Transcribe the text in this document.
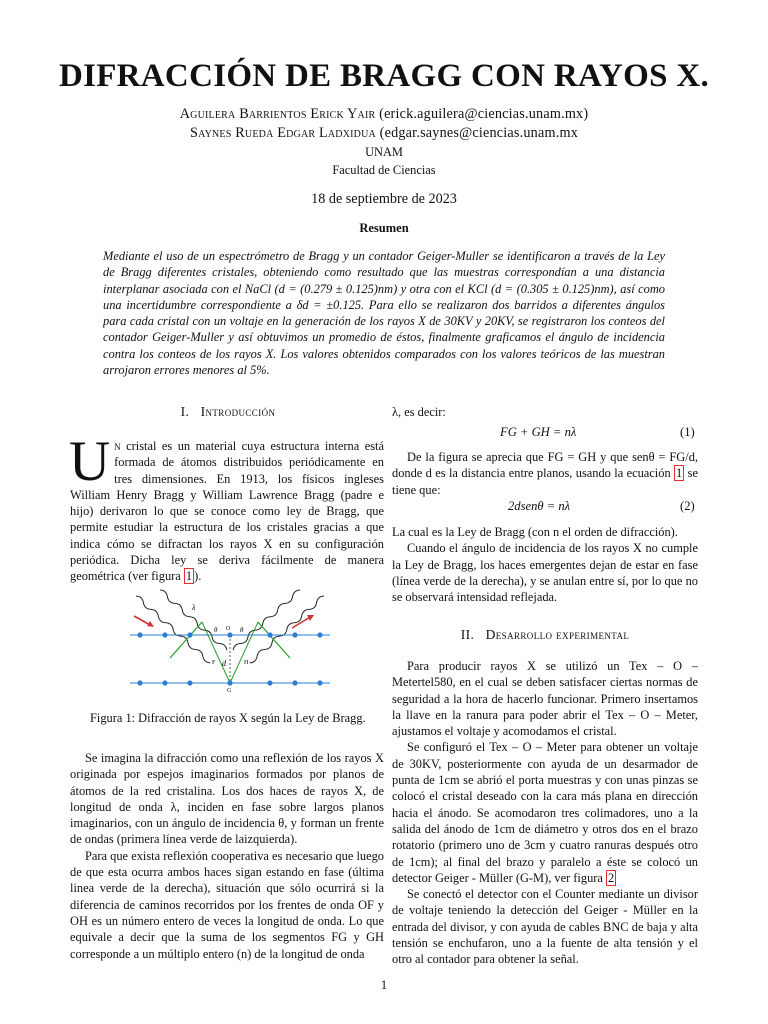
DIFRACCIÓN DE BRAGG CON RAYOS X.
Aguilera Barrientos Erick Yair (erick.aguilera@ciencias.unam.mx)
Saynes Rueda Edgar Ladxidua (edgar.saynes@ciencias.unam.mx
UNAM
Facultad de Ciencias
18 de septiembre de 2023
Resumen
Mediante el uso de un espectrómetro de Bragg y un contador Geiger-Muller se identificaron a través de la Ley de Bragg diferentes cristales, obteniendo como resultado que las muestras correspondían a una distancia interplanar asociada con el NaCl (d = (0.279 ± 0.125)nm) y otra con el KCl (d = (0.305 ± 0.125)nm), así como una incertidumbre correspondiente a δd = ±0.125. Para ello se realizaron dos barridos a diferentes ángulos para cada cristal con un voltaje en la generación de los rayos X de 30KV y 20KV, se registraron los conteos del contador Geiger-Muller y así obtuvimos un promedio de éstos, finalmente graficamos el ángulo de incidencia contra los conteos de los rayos X. Los valores obtenidos comparados con los valores teóricos de las muestran arrojaron errores menores al 5%.
I. Introducción

Un cristal es un material cuya estructura interna está formada de átomos distribuidos periódicamente en tres dimensiones. En 1913, los físicos ingleses William Henry Bragg y William Lawrence Bragg (padre e hijo) derivaron lo que se conoce como ley de Bragg, que permite estudiar la estructura de los cristales gracias a que indica cómo se difractan los rayos X en su configuración periódica. Dicha ley se deriva fácilmente de manera geométrica (ver figura 1 ).

λ
θ	θ
O
F	H
d
G
Figura 1: Difracción de rayos X según la Ley de Bragg.

Se imagina la difracción como una reflexión de los rayos X originada por espejos imaginarios formados por planos de átomos de la red cristalina. Los dos haces de rayos X, de longitud de onda λ, inciden en fase sobre largos planos imaginarios, con un ángulo de incidencia θ, y forman un frente de ondas (primera línea verde de laizquierda).

Para que exista reflexión cooperativa es necesario que luego de que esta ocurra ambos haces sigan estando en fase (última linea verde de la derecha), situación que sólo ocurrirá si la diferencia de caminos recorridos por los frentes de onda OF y OH es un número entero de veces la longitud de onda. Lo que equivale a decir que la suma de los segmentos FG y GH corresponde a un múltiplo entero (n) de la longitud de onda

λ, es decir:

FG + GH = nλ	(1)

De la figura se aprecia que FG = GH y que senθ = FG/d, donde d es la distancia entre planos, usando la ecuación 1 se tiene que:

2dsenθ = nλ	(2)

La cual es la Ley de Bragg (con n el orden de difracción).

Cuando el ángulo de incidencia de los rayos X no cumple la Ley de Bragg, los haces emergentes dejan de estar en fase (línea verde de la derecha), y se anulan entre sí, por lo que no se observará intensidad reflejada.

II. Desarrollo experimental

Para producir rayos X se utilizó un Tex – O – Metertel580, en el cual se deben satisfacer ciertas normas de seguridad a la hora de hacerlo funcionar. Primero insertamos la llave en la ranura para poder abrir el Tex – O – Meter, ajustamos el voltaje y acomodamos el cristal.

Se configuró el Tex – O – Meter para obtener un voltaje de 30KV, posteriormente con ayuda de un desarmador de punta de 1cm se abrió el porta muestras y con unas pinzas se colocó el cristal deseado con la cara más plana en dirección hacia el ánodo. Se acomodaron tres colimadores, uno a la salida del ánodo de 1cm de diámetro y otros dos en el brazo rotatorio (primero uno de 3cm y cuatro ranuras después otro de 1cm); al final del brazo y paralelo a éste se colocó un detector Geiger - Müller (G-M), ver figura 2

Se conectó el detector con el Counter mediante un divisor de voltaje teniendo la detección del Geiger - Müller en la entrada del divisor, y con ayuda de cables BNC de baja y alta tensión se enchufaron, uno a la fuente de alta tensión y el otro al contador para obtener la señal.

1
